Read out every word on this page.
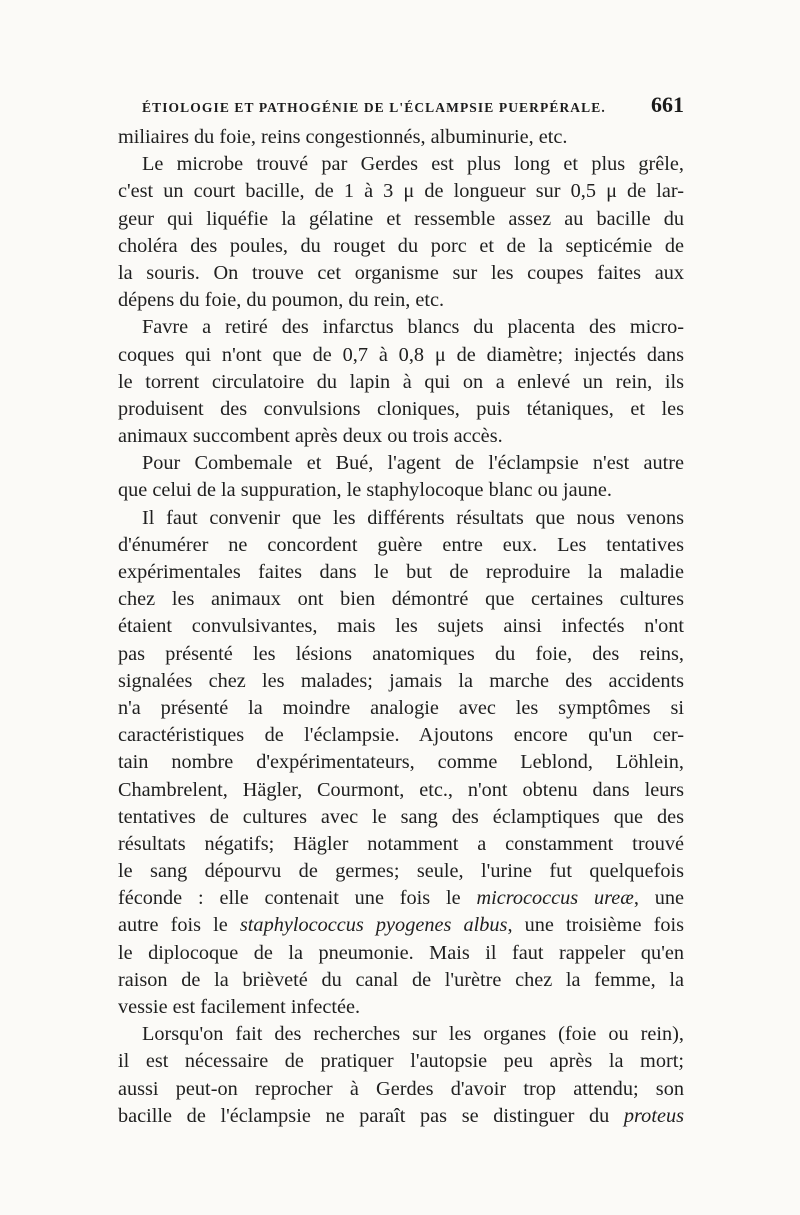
ÉTIOLOGIE ET PATHOGÉNIE DE L'ÉCLAMPSIE PUERPÉRALE. 661
miliaires du foie, reins congestionnés, albuminurie, etc.
Le microbe trouvé par Gerdes est plus long et plus grêle,
c'est un court bacille, de 1 à 3 μ de longueur sur 0,5 μ de lar-
geur qui liquéfie la gélatine et ressemble assez au bacille du
choléra des poules, du rouget du porc et de la septicémie de
la souris. On trouve cet organisme sur les coupes faites aux
dépens du foie, du poumon, du rein, etc.
Favre a retiré des infarctus blancs du placenta des micro-
coques qui n'ont que de 0,7 à 0,8 μ de diamètre; injectés dans
le torrent circulatoire du lapin à qui on a enlevé un rein, ils
produisent des convulsions cloniques, puis tétaniques, et les
animaux succombent après deux ou trois accès.
Pour Combemale et Bué, l'agent de l'éclampsie n'est autre
que celui de la suppuration, le staphylocoque blanc ou jaune.
Il faut convenir que les différents résultats que nous venons
d'énumérer ne concordent guère entre eux. Les tentatives
expérimentales faites dans le but de reproduire la maladie
chez les animaux ont bien démontré que certaines cultures
étaient convulsivantes, mais les sujets ainsi infectés n'ont
pas présenté les lésions anatomiques du foie, des reins,
signalées chez les malades; jamais la marche des accidents
n'a présenté la moindre analogie avec les symptômes si
caractéristiques de l'éclampsie. Ajoutons encore qu'un cer-
tain nombre d'expérimentateurs, comme Leblond, Löhlein,
Chambrelent, Hägler, Courmont, etc., n'ont obtenu dans leurs
tentatives de cultures avec le sang des éclamptiques que des
résultats négatifs; Hägler notamment a constamment trouvé
le sang dépourvu de germes; seule, l'urine fut quelquefois
féconde : elle contenait une fois le micrococcus ureæ, une
autre fois le staphylococcus pyogenes albus, une troisième fois
le diplocoque de la pneumonie. Mais il faut rappeler qu'en
raison de la brièveté du canal de l'urètre chez la femme, la
vessie est facilement infectée.
Lorsqu'on fait des recherches sur les organes (foie ou rein),
il est nécessaire de pratiquer l'autopsie peu après la mort;
aussi peut-on reprocher à Gerdes d'avoir trop attendu; son
bacille de l'éclampsie ne paraît pas se distinguer du proteus
